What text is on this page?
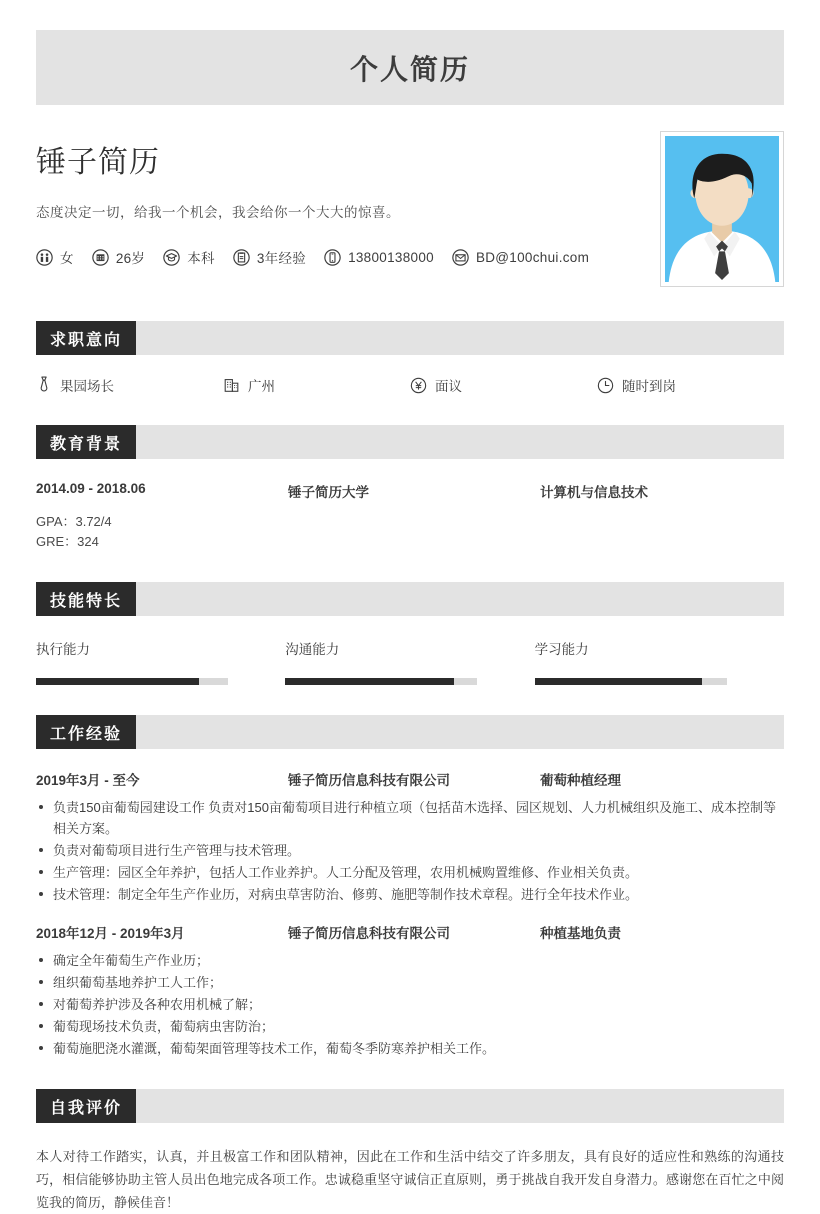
个人简历
锤子简历
态度决定一切，给我一个机会，我会给你一个大大的惊喜。
女	26岁	本科	3年经验	13800138000	BD@100chui.com
求职意向
果园场长	广州	面议	随时到岗
教育背景
2014.09 - 2018.06	锤子简历大学	计算机与信息技术
GPA：3.72/4
GRE：324
技能特长
执行能力	沟通能力	学习能力
工作经验
2019年3月 - 至今	锤子简历信息科技有限公司	葡萄种植经理
负责150亩葡萄园建设工作 负责对150亩葡萄项目进行种植立项（包括苗木选择、园区规划、人力机械组织及施工、成本控制等相关方案。
负责对葡萄项目进行生产管理与技术管理。
生产管理：园区全年养护，包括人工作业养护。人工分配及管理，农用机械购置维修、作业相关负责。
技术管理：制定全年生产作业历，对病虫草害防治、修剪、施肥等制作技术章程。进行全年技术作业。
2018年12月 - 2019年3月	锤子简历信息科技有限公司	种植基地负责
确定全年葡萄生产作业历；
组织葡萄基地养护工人工作；
对葡萄养护涉及各种农用机械了解；
葡萄现场技术负责，葡萄病虫害防治；
葡萄施肥浇水灌溉，葡萄架面管理等技术工作，葡萄冬季防寒养护相关工作。
自我评价
本人对待工作踏实，认真，并且极富工作和团队精神，因此在工作和生活中结交了许多朋友，具有良好的适应性和熟练的沟通技巧，相信能够协助主管人员出色地完成各项工作。忠诚稳重坚守诚信正直原则，勇于挑战自我开发自身潜力。感谢您在百忙之中阅览我的简历，静候佳音！
